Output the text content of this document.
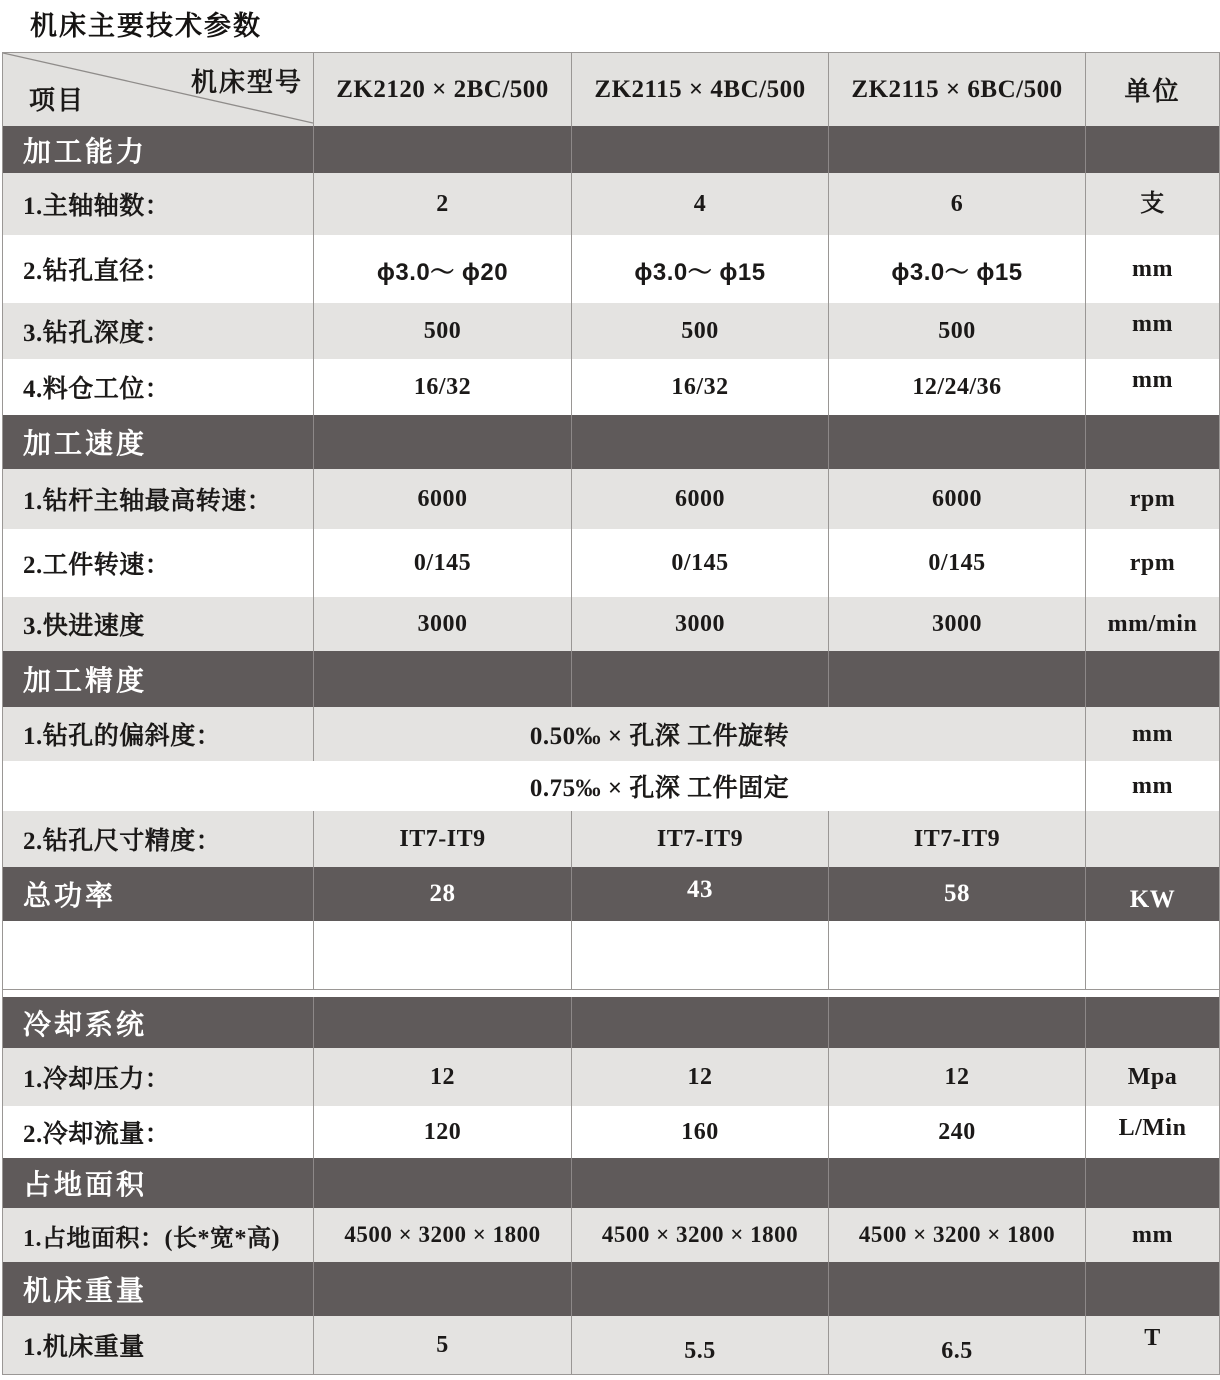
机床主要技术参数
机床型号
项目	ZK2120 × 2BC/500	ZK2115 × 4BC/500	ZK2115 × 6BC/500	单位
加工能力
1.主轴轴数：	2	4	6	支
2.钻孔直径：	ϕ3.0～ ϕ20	ϕ3.0～ ϕ15	ϕ3.0～ ϕ15	mm
3.钻孔深度：	500	500	500	mm
4.料仓工位：	16/32	16/32	12/24/36	mm
加工速度
1.钻杆主轴最高转速：	6000	6000	6000	rpm
2.工件转速：	0/145	0/145	0/145	rpm
3.快进速度	3000	3000	3000	mm/min
加工精度
1.钻孔的偏斜度：	0.50‰ × 孔深 工件旋转	mm
0.75‰ × 孔深 工件固定	mm
2.钻孔尺寸精度：	IT7-IT9	IT7-IT9	IT7-IT9
总功率	28	43	58	KW
冷却系统
1.冷却压力：	12	12	12	Mpa
2.冷却流量：	120	160	240	L/Min
占地面积
1.占地面积：(长*宽*高)	4500 × 3200 × 1800	4500 × 3200 × 1800	4500 × 3200 × 1800	mm
机床重量
1.机床重量	5	5.5	6.5	T
